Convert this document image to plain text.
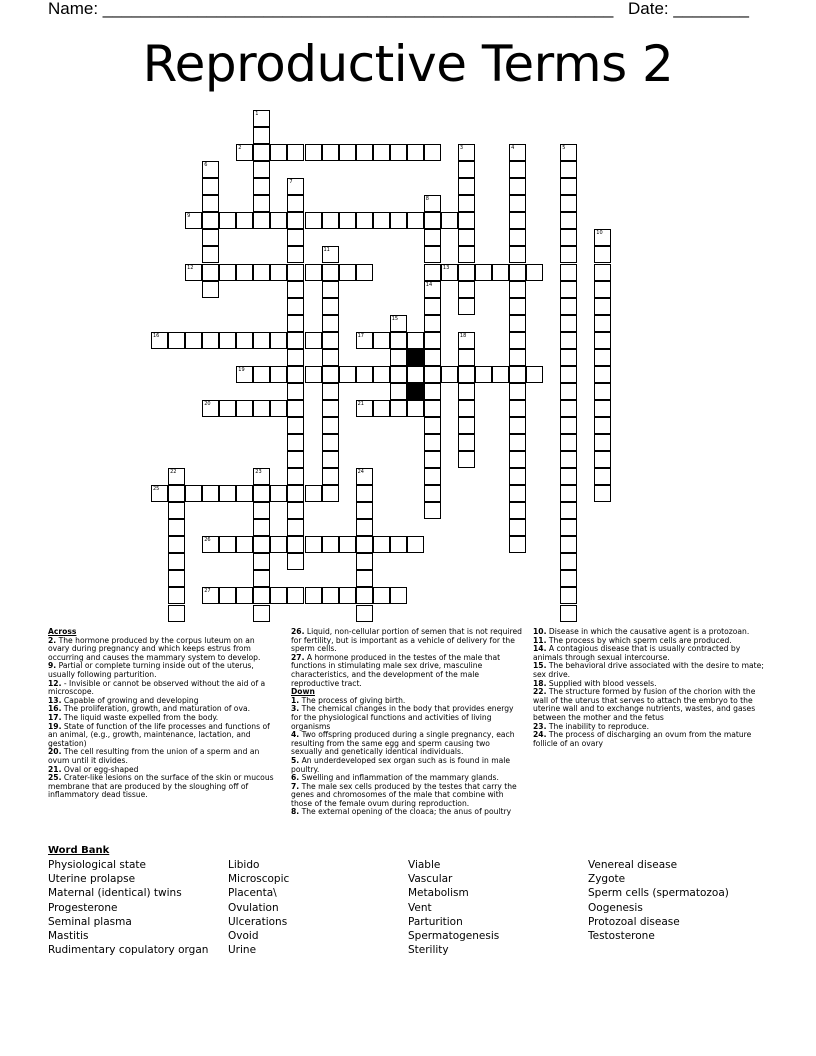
Name: ______________________________________________________ Date: ________
Reproductive Terms 2
1
2	3	4	5
6
7
8
14
9
10
11
12	13
15
16	17	18
19
20	21
22	23	24
25
26
27
Across
2. The hormone produced by the corpus luteum on an ovary during pregnancy and which keeps estrus from occurring and causes the mammary system to develop.
9. Partial or complete turning inside out of the uterus, usually following parturition.
12. - Invisible or cannot be observed without the aid of a microscope.
13. Capable of growing and developing
16. The proliferation, growth, and maturation of ova.
17. The liquid waste expelled from the body.
19. State of function of the life processes and functions of an animal, (e.g., growth, maintenance, lactation, and gestation)
20. The cell resulting from the union of a sperm and an ovum until it divides.
21. Oval or egg-shaped
25. Crater-like lesions on the surface of the skin or mucous membrane that are produced by the sloughing off of inflammatory dead tissue.
26. Liquid, non-cellular portion of semen that is not required for fertility, but is important as a vehicle of delivery for the sperm cells.
27. A hormone produced in the testes of the male that functions in stimulating male sex drive, masculine characteristics, and the development of the male reproductive tract.
Down
1. The process of giving birth.
3. The chemical changes in the body that provides energy for the physiological functions and activities of living organisms
4. Two offspring produced during a single pregnancy, each resulting from the same egg and sperm causing two sexually and genetically identical individuals.
5. An underdeveloped sex organ such as is found in male poultry.
6. Swelling and inflammation of the mammary glands.
7. The male sex cells produced by the testes that carry the genes and chromosomes of the male that combine with those of the female ovum during reproduction.
8. The external opening of the cloaca; the anus of poultry
10. Disease in which the causative agent is a protozoan.
11. The process by which sperm cells are produced.
14. A contagious disease that is usually contracted by animals through sexual intercourse.
15. The behavioral drive associated with the desire to mate; sex drive.
18. Supplied with blood vessels.
22. The structure formed by fusion of the chorion with the wall of the uterus that serves to attach the embryo to the uterine wall and to exchange nutrients, wastes, and gases between the mother and the fetus
23. The inability to reproduce.
24. The process of discharging an ovum from the mature follicle of an ovary
Word Bank
Physiological state
Uterine prolapse
Maternal (identical) twins
Progesterone
Seminal plasma
Mastitis
Rudimentary copulatory organ
Libido
Microscopic
Placenta\
Ovulation
Ulcerations
Ovoid
Urine
Viable
Vascular
Metabolism
Vent
Parturition
Spermatogenesis
Sterility
Venereal disease
Zygote
Sperm cells (spermatozoa)
Oogenesis
Protozoal disease
Testosterone
